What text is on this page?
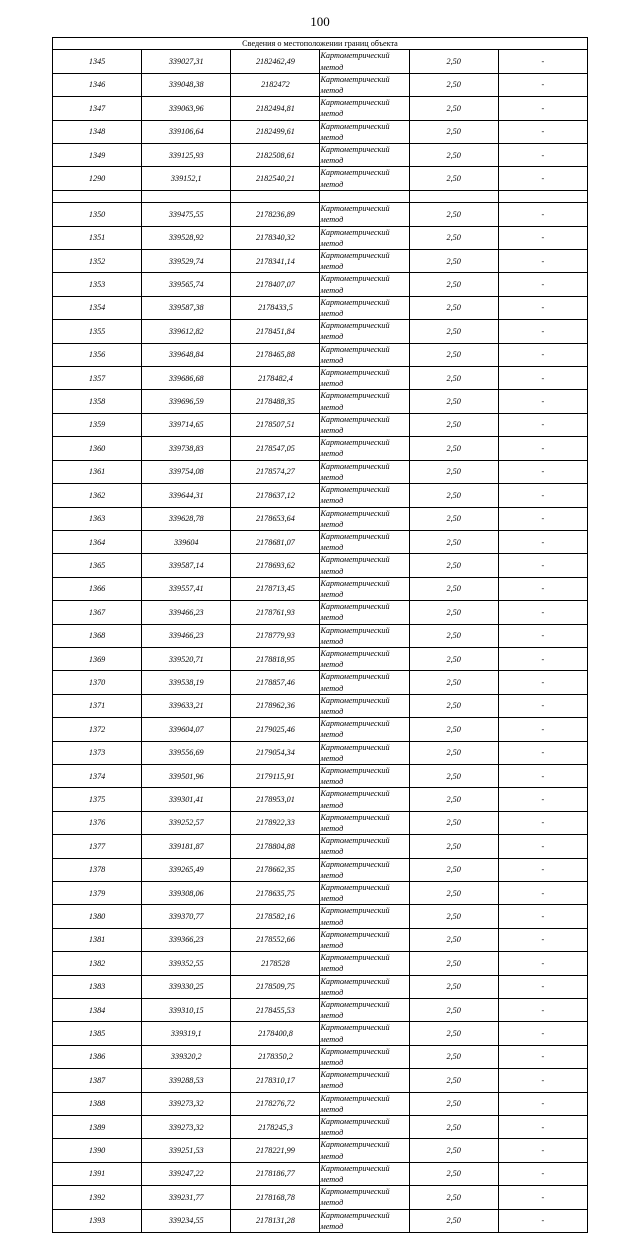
100
Сведения о местоположении границ объекта					
1345	339027,31	2182462,49	Картометрический метод	2,50	-
1346	339048,38	2182472	Картометрический метод	2,50	-
1347	339063,96	2182494,81	Картометрический метод	2,50	-
1348	339106,64	2182499,61	Картометрический метод	2,50	-
1349	339125,93	2182508,61	Картометрический метод	2,50	-
1290	339152,1	2182540,21	Картометрический метод	2,50	-

1350	339475,55	2178236,89	Картометрический метод	2,50	-
1351	339528,92	2178340,32	Картометрический метод	2,50	-
1352	339529,74	2178341,14	Картометрический метод	2,50	-
1353	339565,74	2178407,07	Картометрический метод	2,50	-
1354	339587,38	2178433,5	Картометрический метод	2,50	-
1355	339612,82	2178451,84	Картометрический метод	2,50	-
1356	339648,84	2178465,88	Картометрический метод	2,50	-
1357	339686,68	2178482,4	Картометрический метод	2,50	-
1358	339696,59	2178488,35	Картометрический метод	2,50	-
1359	339714,65	2178507,51	Картометрический метод	2,50	-
1360	339738,83	2178547,05	Картометрический метод	2,50	-
1361	339754,08	2178574,27	Картометрический метод	2,50	-
1362	339644,31	2178637,12	Картометрический метод	2,50	-
1363	339628,78	2178653,64	Картометрический метод	2,50	-
1364	339604	2178681,07	Картометрический метод	2,50	-
1365	339587,14	2178693,62	Картометрический метод	2,50	-
1366	339557,41	2178713,45	Картометрический метод	2,50	-
1367	339466,23	2178761,93	Картометрический метод	2,50	-
1368	339466,23	2178779,93	Картометрический метод	2,50	-
1369	339520,71	2178818,95	Картометрический метод	2,50	-
1370	339538,19	2178857,46	Картометрический метод	2,50	-
1371	339633,21	2178962,36	Картометрический метод	2,50	-
1372	339604,07	2179025,46	Картометрический метод	2,50	-
1373	339556,69	2179054,34	Картометрический метод	2,50	-
1374	339501,96	2179115,91	Картометрический метод	2,50	-
1375	339301,41	2178953,01	Картометрический метод	2,50	-
1376	339252,57	2178922,33	Картометрический метод	2,50	-
1377	339181,87	2178804,88	Картометрический метод	2,50	-
1378	339265,49	2178662,35	Картометрический метод	2,50	-
1379	339308,06	2178635,75	Картометрический метод	2,50	-
1380	339370,77	2178582,16	Картометрический метод	2,50	-
1381	339366,23	2178552,66	Картометрический метод	2,50	-
1382	339352,55	2178528	Картометрический метод	2,50	-
1383	339330,25	2178509,75	Картометрический метод	2,50	-
1384	339310,15	2178455,53	Картометрический метод	2,50	-
1385	339319,1	2178400,8	Картометрический метод	2,50	-
1386	339320,2	2178350,2	Картометрический метод	2,50	-
1387	339288,53	2178310,17	Картометрический метод	2,50	-
1388	339273,32	2178276,72	Картометрический метод	2,50	-
1389	339273,32	2178245,3	Картометрический метод	2,50	-
1390	339251,53	2178221,99	Картометрический метод	2,50	-
1391	339247,22	2178186,77	Картометрический метод	2,50	-
1392	339231,77	2178168,78	Картометрический метод	2,50	-
1393	339234,55	2178131,28	Картометрический метод	2,50	-
